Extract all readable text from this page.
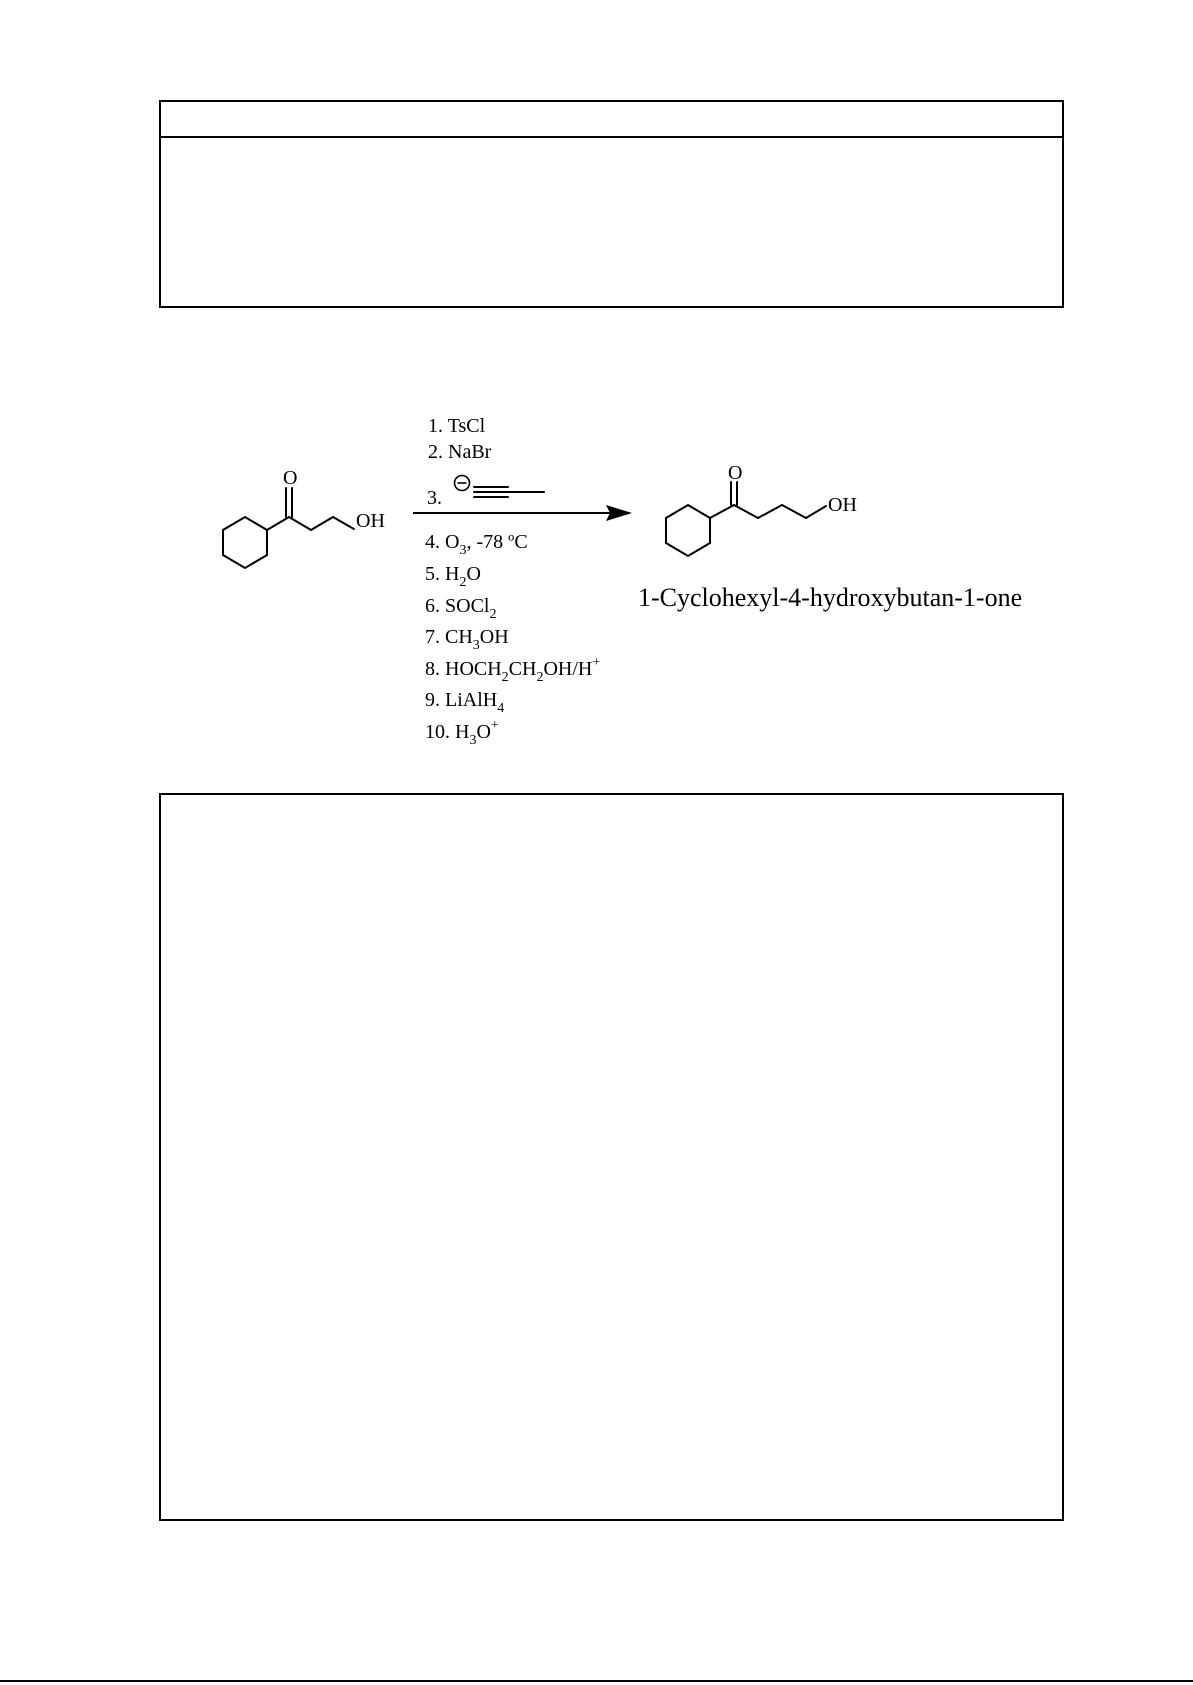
O
OH
1. TsCl
2. NaBr
3.
4. $O_3$, -78 ºC
5. $H_2O$
6. SOCl$_2$
7. $CH_3OH$
8. $HOCH_2CH_2OH/H^+$
9. LiAlH$_4$
10. $H_3O^+$
O
OH
1-Cyclohexyl-4-hydroxybutan-1-one
